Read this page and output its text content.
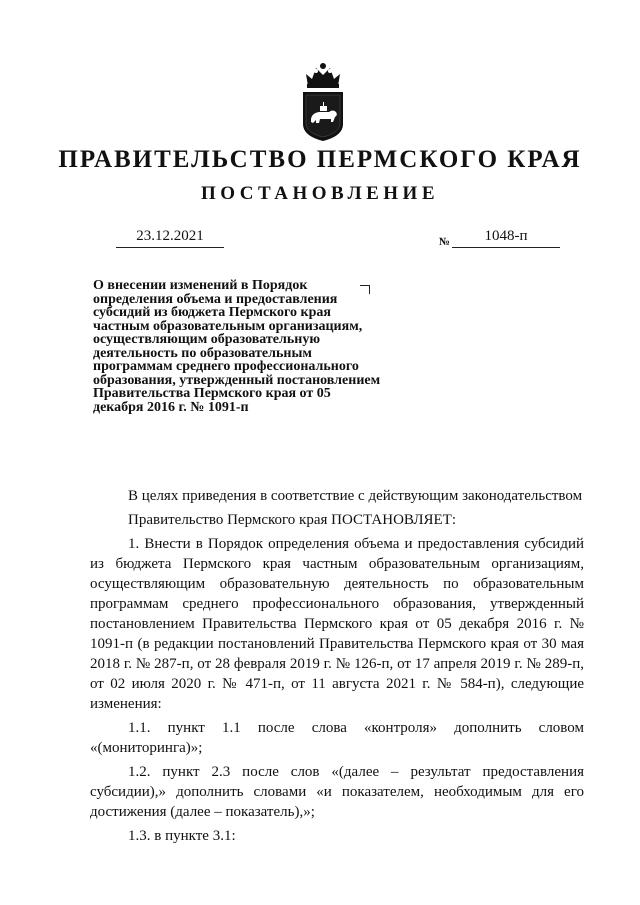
ПРАВИТЕЛЬСТВО ПЕРМСКОГО КРАЯ
ПОСТАНОВЛЕНИЕ
23.12.2021	№	1048-п
О внесении изменений в Порядок определения объема и предоставления субсидий из бюджета Пермского края частным образовательным организациям, осуществляющим образовательную деятельность по образовательным программам среднего профессионального образования, утвержденный постановлением Правительства Пермского края от 05 декабря 2016 г. № 1091-п

В целях приведения в соответствие с действующим законодательством

Правительство Пермского края ПОСТАНОВЛЯЕТ:

1. Внести в Порядок определения объема и предоставления субсидий из бюджета Пермского края частным образовательным организациям, осуществляющим образовательную деятельность по образовательным программам среднего профессионального образования, утвержденный постановлением Правительства Пермского края от 05 декабря 2016 г. № 1091-п (в редакции постановлений Правительства Пермского края от 30 мая 2018 г. № 287-п, от 28 февраля 2019 г. № 126-п, от 17 апреля 2019 г. № 289-п, от 02 июля 2020 г. № 471-п, от 11 августа 2021 г. № 584-п), следующие изменения:

1.1. пункт 1.1 после слова «контроля» дополнить словом «(мониторинга)»;

1.2. пункт 2.3 после слов «(далее – результат предоставления субсидии),» дополнить словами «и показателем, необходимым для его достижения (далее – показатель),»;

1.3. в пункте 3.1:
